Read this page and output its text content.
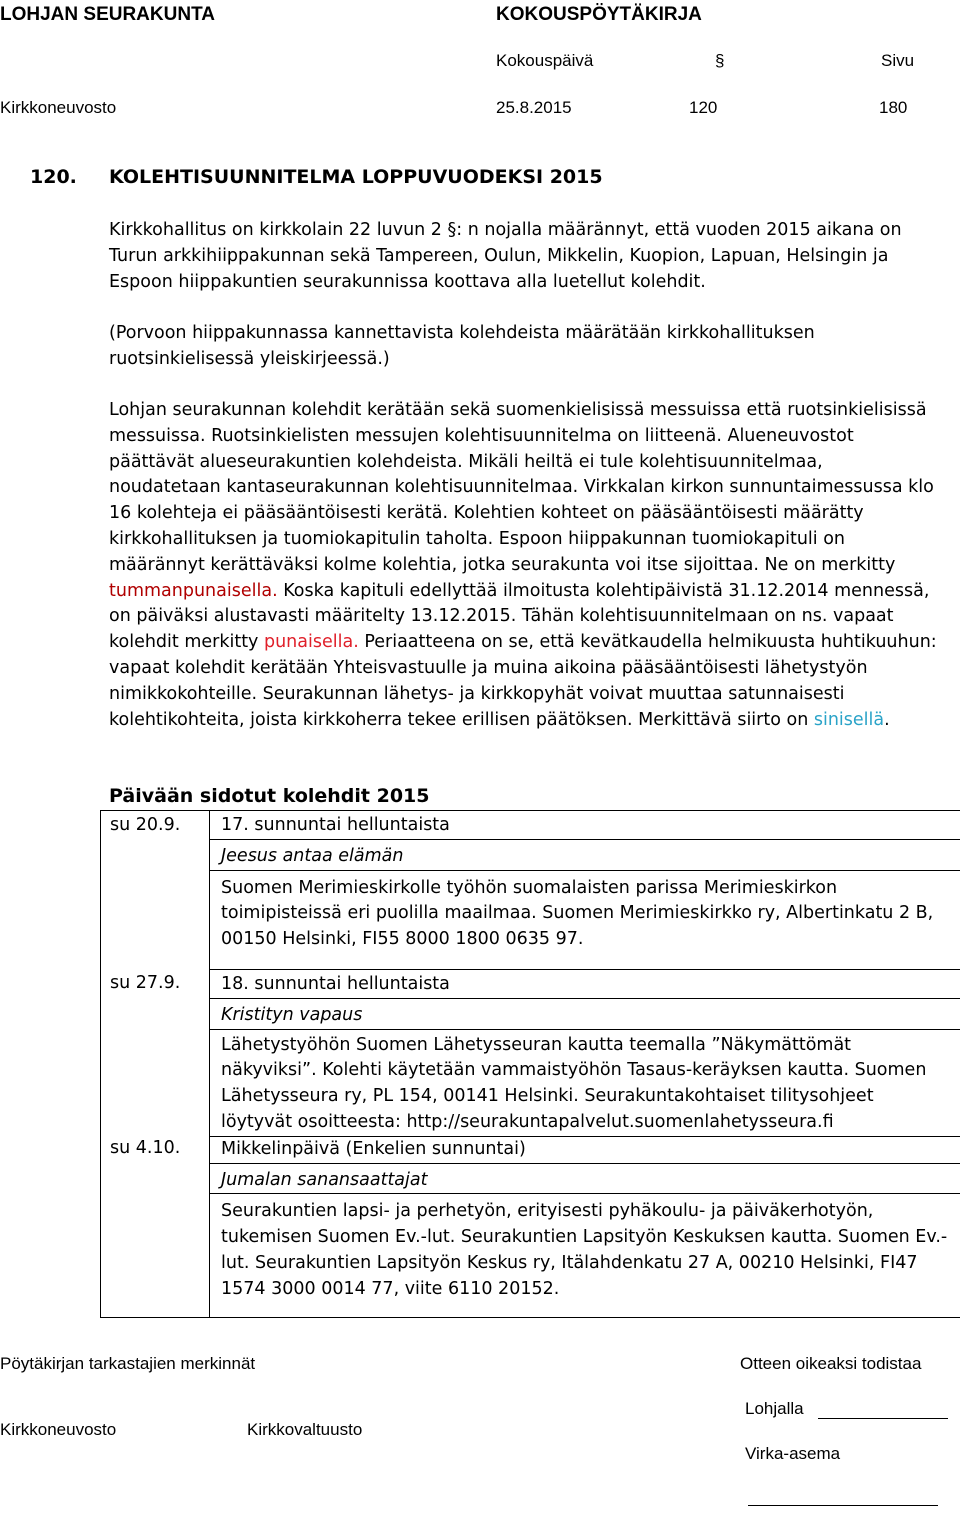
LOHJAN SEURAKUNTA	KOKOUSPÖYTÄKIRJA
Kokouspäivä	§	Sivu
Kirkkoneuvosto	25.8.2015	120	180
120. KOLEHTISUUNNITELMA LOPPUVUODEKSI 2015

Kirkkohallitus on kirkkolain 22 luvun 2 §: n nojalla määrännyt, että vuoden 2015 aikana on Turun arkkihiippakunnan sekä Tampereen, Oulun, Mikkelin, Kuopion, Lapuan, Helsingin ja Espoon hiippakuntien seurakunnissa koottava alla luetellut kolehdit.

(Porvoon hiippakunnassa kannettavista kolehdeista määrätään kirkkohallituksen ruotsinkielisessä yleiskirjeessä.)

Lohjan seurakunnan kolehdit kerätään sekä suomenkielisissä messuissa että ruotsinkielisissä messuissa. Ruotsinkielisten messujen kolehtisuunnitelma on liitteenä. Alueneuvostot päättävät alueseurakuntien kolehdeista. Mikäli heiltä ei tule kolehtisuunnitelmaa, noudatetaan kantaseurakunnan kolehtisuunnitelmaa. Virkkalan kirkon sunnuntaimessussa klo 16 kolehteja ei pääsääntöisesti kerätä. Kolehtien kohteet on pääsääntöisesti määrätty kirkkohallituksen ja tuomiokapitulin taholta. Espoon hiippakunnan tuomiokapituli on määrännyt kerättäväksi kolme kolehtia, jotka seurakunta voi itse sijoittaa. Ne on merkitty tummanpunaisella. Koska kapituli edellyttää ilmoitusta kolehtipäivistä 31.12.2014 mennessä, on päiväksi alustavasti määritelty 13.12.2015. Tähän kolehtisuunnitelmaan on ns. vapaat kolehdit merkitty punaisella. Periaatteena on se, että kevätkaudella helmikuusta huhtikuuhun: vapaat kolehdit kerätään Yhteisvastuulle ja muina aikoina pääsääntöisesti lähetystyön nimikkokohteille. Seurakunnan lähetys- ja kirkkopyhät voivat muuttaa satunnaisesti kolehtikohteita, joista kirkkoherra tekee erillisen päätöksen. Merkittävä siirto on sinisellä.

Päivään sidotut kolehdit 2015
su 20.9.	17. sunnuntai helluntaista
	Jeesus antaa elämän
	Suomen Merimieskirkolle työhön suomalaisten parissa Merimieskirkon toimipisteissä eri puolilla maailmaa. Suomen Merimieskirkko ry, Albertinkatu 2 B, 00150 Helsinki, FI55 8000 1800 0635 97.
su 27.9.	18. sunnuntai helluntaista
	Kristityn vapaus
	Lähetystyöhön Suomen Lähetysseuran kautta teemalla ”Näkymättömät näkyviksi”. Kolehti käytetään vammaistyöhön Tasaus-keräyksen kautta. Suomen Lähetysseura ry, PL 154, 00141 Helsinki. Seurakuntakohtaiset tilitysohjeet löytyvät osoitteesta: http://seurakuntapalvelut.suomenlahetysseura.fi
su 4.10.	Mikkelinpäivä (Enkelien sunnuntai)
	Jumalan sanansaattajat
	Seurakuntien lapsi- ja perhetyön, erityisesti pyhäkoulu- ja päiväkerhotyön, tukemisen Suomen Ev.-lut. Seurakuntien Lapsityön Keskuksen kautta. Suomen Ev.-lut. Seurakuntien Lapsityön Keskus ry, Itälahdenkatu 27 A, 00210 Helsinki, FI47 1574 3000 0014 77, viite 6110 20152.
Pöytäkirjan tarkastajien merkinnät	Otteen oikeaksi todistaa
Kirkkoneuvosto	Kirkkovaltuusto
Lohjalla
Virka-asema
